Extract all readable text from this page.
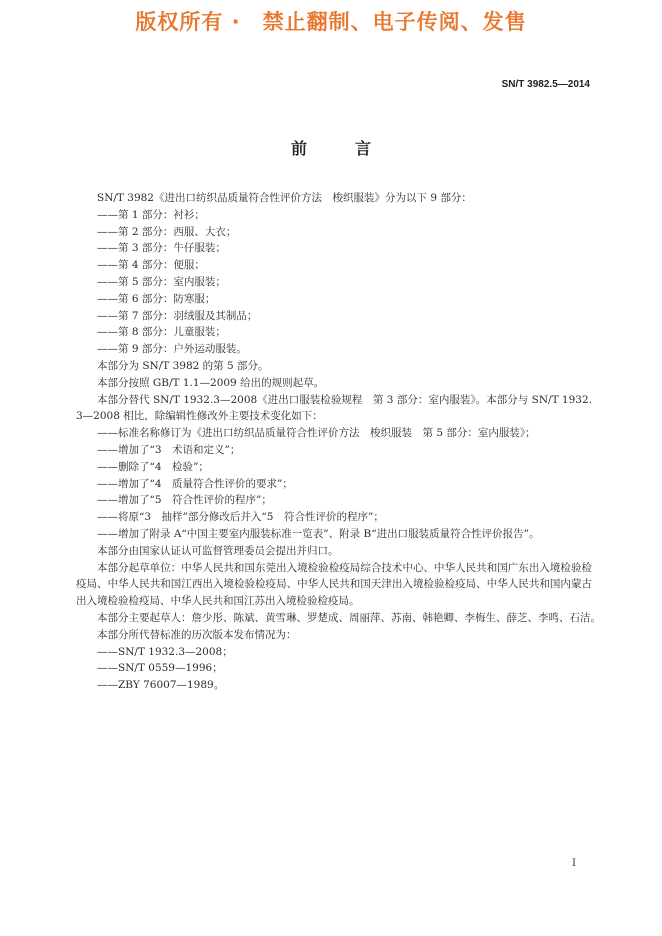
版权所有 ·　禁止翻制、电子传阅、发售
SN/T 3982.5—2014
前	言

SN/T 3982《进出口纺织品质量符合性评价方法　梭织服装》分为以下 9 部分：

——第 1 部分：衬衫；

——第 2 部分：西服、大衣；

——第 3 部分：牛仔服装；

——第 4 部分：便服；

——第 5 部分：室内服装；

——第 6 部分：防寒服；

——第 7 部分：羽绒服及其制品；

——第 8 部分：儿童服装；

——第 9 部分：户外运动服装。

本部分为 SN/T 3982 的第 5 部分。

本部分按照 GB/T 1.1—2009 给出的规则起草。

本部分替代 SN/T 1932.3—2008《进出口服装检验规程　第 3 部分：室内服装》。本部分与 SN/T 1932.3—2008 相比，除编辑性修改外主要技术变化如下：

——标准名称修订为《进出口纺织品质量符合性评价方法　梭织服装　第 5 部分：室内服装》；

——增加了“3　术语和定义”；

——删除了“4　检验”；

——增加了“4　质量符合性评价的要求”；

——增加了“5　符合性评价的程序”；

——将原“3　抽样”部分修改后并入“5　符合性评价的程序”；

——增加了附录 A“中国主要室内服装标准一览表”、附录 B“进出口服装质量符合性评价报告”。

本部分由国家认证认可监督管理委员会提出并归口。

本部分起草单位：中华人民共和国东莞出入境检验检疫局综合技术中心、中华人民共和国广东出入境检验检疫局、中华人民共和国江西出入境检验检疫局、中华人民共和国天津出入境检验检疫局、中华人民共和国内蒙古出入境检验检疫局、中华人民共和国江苏出入境检验检疫局。

本部分主要起草人：詹少彤、陈斌、黄雪琳、罗楚成、周丽萍、苏南、韩艳卿、李梅生、薛芝、李鸣、石洁。

本部分所代替标准的历次版本发布情况为：

——SN/T 1932.3—2008；

——SN/T 0559—1996；

——ZBY 76007—1989。

I
